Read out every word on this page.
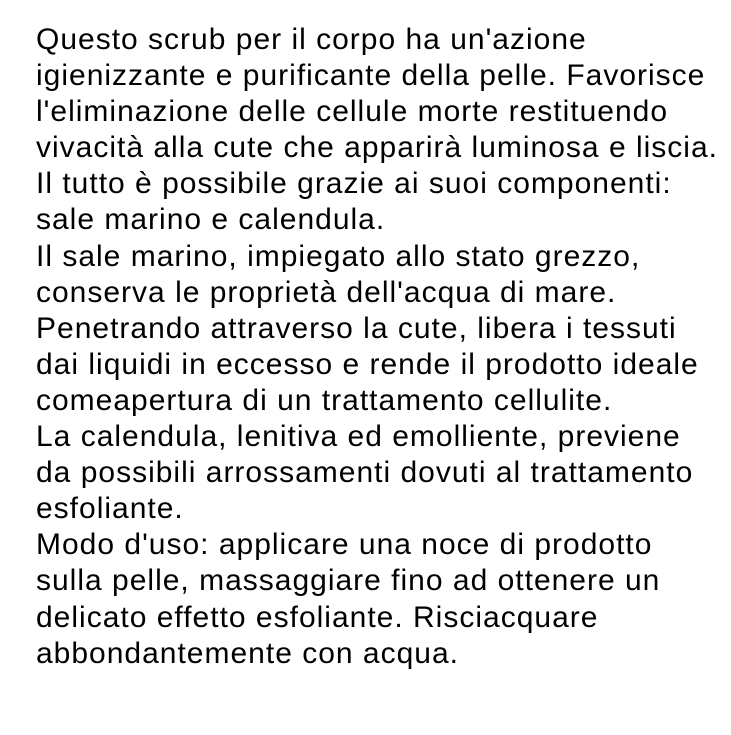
Questo scrub per il corpo ha un'azione
igienizzante e purificante della pelle. Favorisce
l'eliminazione delle cellule morte restituendo
vivacità alla cute che apparirà luminosa e liscia.
Il tutto è possibile grazie ai suoi componenti:
sale marino e calendula.
Il sale marino, impiegato allo stato grezzo,
conserva le proprietà dell'acqua di mare.
Penetrando attraverso la cute, libera i tessuti
dai liquidi in eccesso e rende il prodotto ideale
comeapertura di un trattamento cellulite.
La calendula, lenitiva ed emolliente, previene
da possibili arrossamenti dovuti al trattamento
esfoliante.
Modo d'uso: applicare una noce di prodotto
sulla pelle, massaggiare fino ad ottenere un
delicato effetto esfoliante. Risciacquare
abbondantemente con acqua.
